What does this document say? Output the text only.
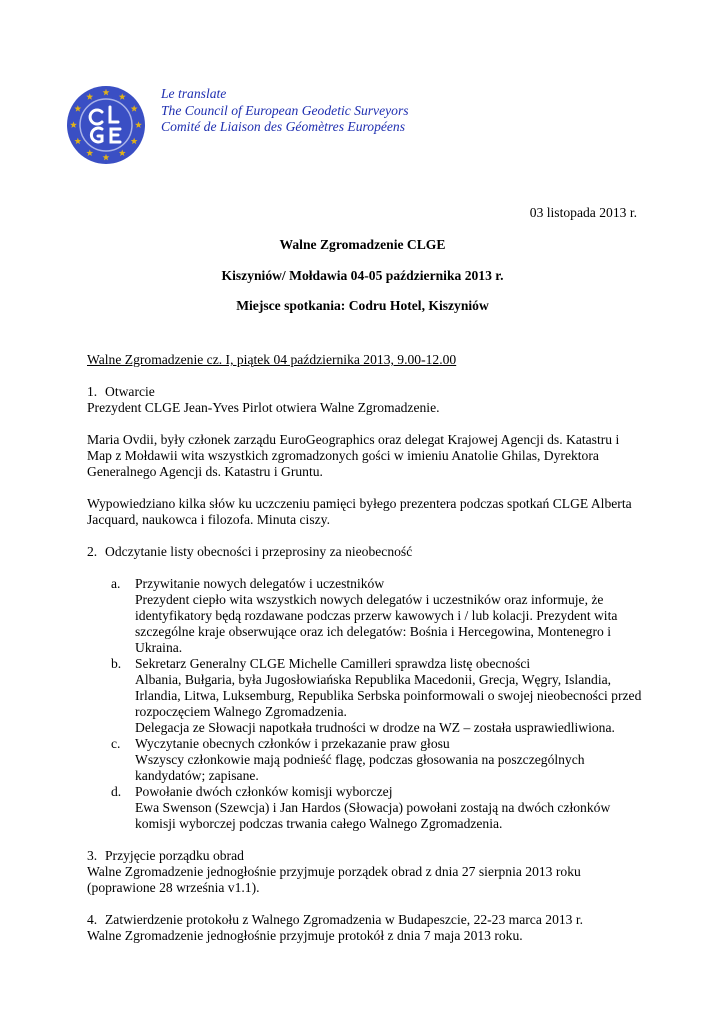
Le translate
The Council of European Geodetic Surveyors
Comité de Liaison des Géomètres Européens
03 listopada 2013 r.
Walne Zgromadzenie CLGE
Kiszyniów/ Mołdawia 04-05 października 2013 r.
Miejsce spotkania: Codru Hotel, Kiszyniów

Walne Zgromadzenie cz. I, piątek 04 października 2013, 9.00-12.00

1. Otwarcie

Prezydent CLGE Jean-Yves Pirlot otwiera Walne Zgromadzenie.

Maria Ovdii, były członek zarządu EuroGeographics oraz delegat Krajowej Agencji ds. Katastru i Map z Mołdawii wita wszystkich zgromadzonych gości w imieniu Anatolie Ghilas, Dyrektora Generalnego Agencji ds. Katastru i Gruntu.

Wypowiedziano kilka słów ku uczczeniu pamięci byłego prezentera podczas spotkań CLGE Alberta Jacquard, naukowca i filozofa. Minuta ciszy.

2. Odczytanie listy obecności i przeprosiny za nieobecność

a.	Przywitanie nowych delegatów i uczestników
Prezydent ciepło wita wszystkich nowych delegatów i uczestników oraz informuje, że identyfikatory będą rozdawane podczas przerw kawowych i / lub kolacji. Prezydent wita szczególne kraje obserwujące oraz ich delegatów: Bośnia i Hercegowina, Montenegro i Ukraina.
b.	Sekretarz Generalny CLGE Michelle Camilleri sprawdza listę obecności
Albania, Bułgaria, była Jugosłowiańska Republika Macedonii, Grecja, Węgry, Islandia, Irlandia, Litwa, Luksemburg, Republika Serbska poinformowali o swojej nieobecności przed rozpoczęciem Walnego Zgromadzenia.
Delegacja ze Słowacji napotkała trudności w drodze na WZ – została usprawiedliwiona.
c.	Wyczytanie obecnych członków i przekazanie praw głosu
Wszyscy członkowie mają podnieść flagę, podczas głosowania na poszczególnych kandydatów; zapisane.
d.	Powołanie dwóch członków komisji wyborczej
Ewa Swenson (Szewcja) i Jan Hardos (Słowacja) powołani zostają na dwóch członków komisji wyborczej podczas trwania całego Walnego Zgromadzenia.

3. Przyjęcie porządku obrad

Walne Zgromadzenie jednogłośnie przyjmuje porządek obrad z dnia 27 sierpnia 2013 roku (poprawione 28 września v1.1).

4. Zatwierdzenie protokołu z Walnego Zgromadzenia w Budapeszcie, 22-23 marca 2013 r.

Walne Zgromadzenie jednogłośnie przyjmuje protokół z dnia 7 maja 2013 roku.
